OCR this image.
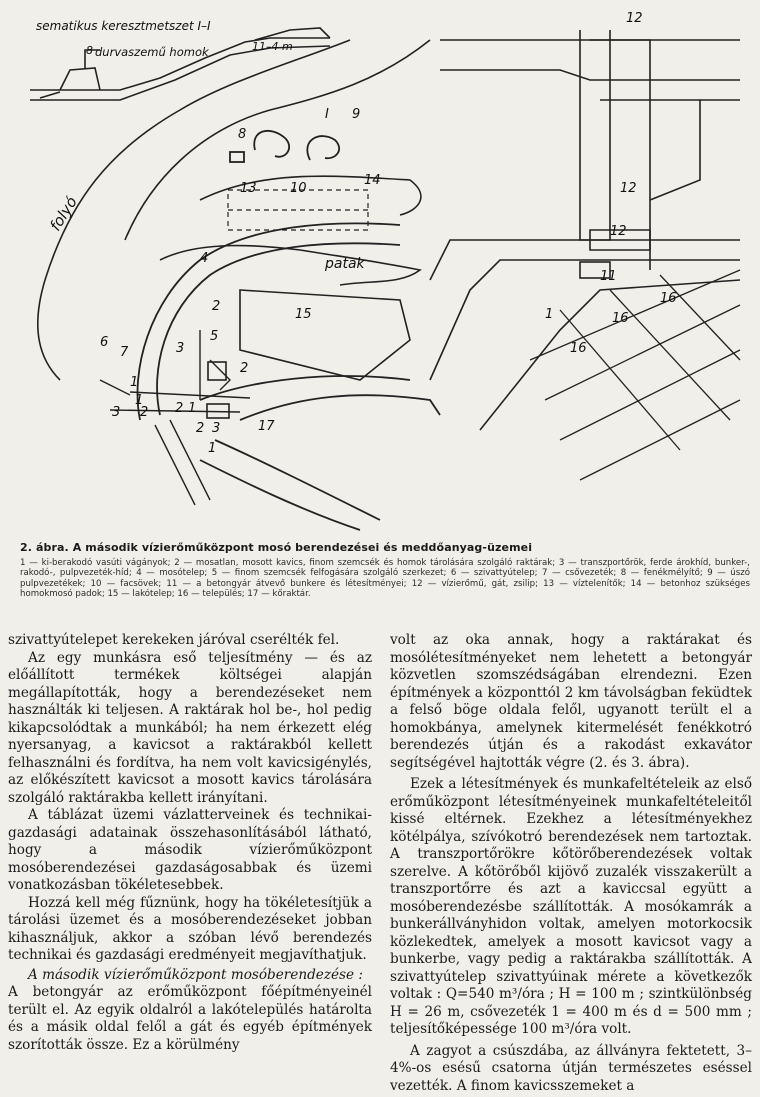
sematikus keresztmetszet I–I
durvaszemű homok	11–4 m
folyó
patak
8
12
12
12
8
I 9
13	10
14
4
2
15
3
5
2
6
7
1
1
2
3	2 1
3
2
1
17
11
1
16
16
16
2. ábra. A második vízierőműközpont mosó berendezései és meddőanyag-üzemei
1 — ki-berakodó vasúti vágányok; 2 — mosatlan, mosott kavics, finom szemcsék és homok tárolására szolgáló raktárak; 3 — transzportőrök, ferde árokhíd, bunker-, rakodó-, pulpvezeték-híd; 4 — mosótelep; 5 — finom szemcsék felfogására szolgáló szerkezet; 6 — szivattyútelep; 7 — csővezeték; 8 — fenékmélyítő; 9 — úszó pulpvezetékek; 10 — facsövek; 11 — a betongyár átvevő bunkere és létesítményei; 12 — vízierőmű, gát, zsilip; 13 — víztelenítők; 14 — betonhoz szükséges homokmosó padok; 15 — lakótelep; 16 — település; 17 — kőraktár.

szivattyútelepet kerekeken járóval cserélték fel.

Az egy munkásra eső teljesítmény — és az előállított termékek költségei alapján megállapították, hogy a berendezéseket nem használták ki teljesen. A raktárak hol be-, hol pedig kikapcsolódtak a munkából; ha nem érkezett elég nyersanyag, a kavicsot a raktárakból kellett felhasználni és fordítva, ha nem volt kavicsigénylés, az előkészített kavicsot a mosott kavics tárolására szolgáló raktárakba kellett irányítani.

A táblázat üzemi vázlatterveinek és technikai-gazdasági adatainak összehasonlításából látható, hogy a második vízierőműközpont mosóberendezései gazdaságosabbak és üzemi vonatkozásban tökéletesebbek.

Hozzá kell még fűznünk, hogy ha tökéletesítjük a tárolási üzemet és a mosóberendezéseket jobban kihasználjuk, akkor a szóban lévő berendezés technikai és gazdasági eredményeit megjavíthatjuk.

A második vízierőműközpont mosóberendezése :

A betongyár az erőműközpont főépítményeinél terült el. Az egyik oldalról a lakótelepülés határolta és a másik oldal felől a gát és egyéb építmények szorították össze. Ez a körülmény

volt az oka annak, hogy a raktárakat és mosólétesítményeket nem lehetett a betongyár közvetlen szomszédságában elrendezni. Ezen építmények a központtól 2 km távolságban feküdtek a felső böge oldala felől, ugyanott terült el a homokbánya, amelynek kitermelését fenékkotró berendezés útján és a rakodást exkavátor segítségével hajtották végre (2. és 3. ábra).

Ezek a létesítmények és munkafeltételeik az első erőműközpont létesítményeinek munkafeltételeitől kissé eltérnek. Ezekhez a létesítményekhez kötélpálya, szívókotró berendezések nem tartoztak. A transzportőrökre kőtörőberendezések voltak szerelve. A kőtörőből kijövő zuzalék visszakerült a transzportőrre és azt a kaviccsal együtt a mosóberendezésbe szállították. A mosókamrák a bunkerállványhidon voltak, amelyen motorkocsik közlekedtek, amelyek a mosott kavicsot vagy a bunkerbe, vagy pedig a raktárakba szállították. A szivattyútelep szivattyúinak mérete a következők voltak : Q=540 m³/óra ; H = 100 m ; szintkülönbség H = 26 m, csővezeték 1 = 400 m és d = 500 mm ; teljesítőképessége 100 m³/óra volt.

A zagyot a csúszdába, az állványra fektetett, 3–4%-os esésű csatorna útján természetes eséssel vezették. A finom kavicsszemeket a
